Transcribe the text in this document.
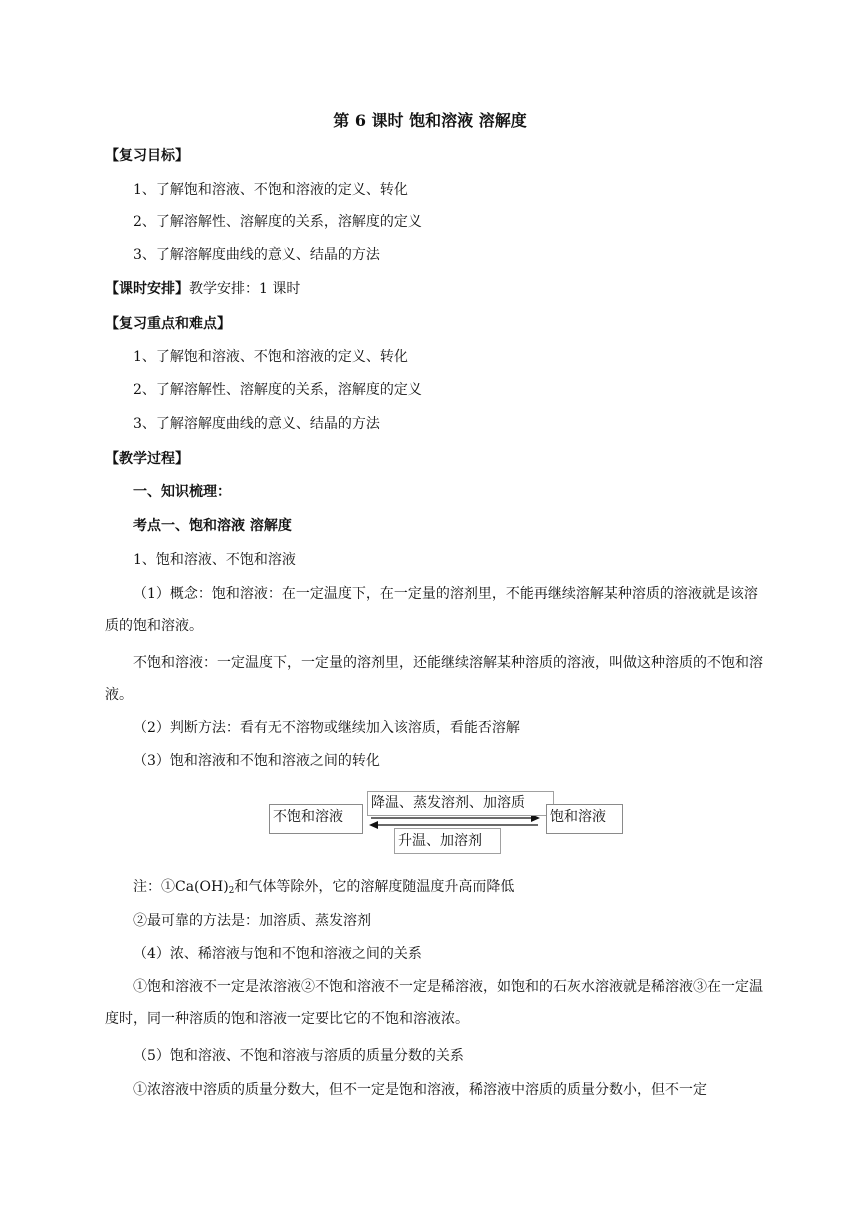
第 6 课时 饱和溶液 溶解度
【复习目标】
1、了解饱和溶液、不饱和溶液的定义、转化
2、了解溶解性、溶解度的关系，溶解度的定义
3、了解溶解度曲线的意义、结晶的方法
【课时安排】教学安排：1 课时
【复习重点和难点】
1、了解饱和溶液、不饱和溶液的定义、转化
2、了解溶解性、溶解度的关系，溶解度的定义
3、了解溶解度曲线的意义、结晶的方法
【教学过程】
一、知识梳理：
考点一、饱和溶液 溶解度
1、饱和溶液、不饱和溶液
（1）概念：饱和溶液：在一定温度下，在一定量的溶剂里，不能再继续溶解某种溶质的溶液就是该溶质的饱和溶液。
不饱和溶液：一定温度下，一定量的溶剂里，还能继续溶解某种溶质的溶液，叫做这种溶质的不饱和溶液。
（2）判断方法：看有无不溶物或继续加入该溶质，看能否溶解
（3）饱和溶液和不饱和溶液之间的转化
不饱和溶液
降温、蒸发溶剂、加溶质
饱和溶液
升温、加溶剂
注：$①Ca(OH)_2$和气体等除外，它的溶解度随温度升高而降低
②最可靠的方法是：加溶质、蒸发溶剂
（4）浓、稀溶液与饱和不饱和溶液之间的关系
①饱和溶液不一定是浓溶液②不饱和溶液不一定是稀溶液，如饱和的石灰水溶液就是稀溶液③在一定温度时，同一种溶质的饱和溶液一定要比它的不饱和溶液浓。
（5）饱和溶液、不饱和溶液与溶质的质量分数的关系
①浓溶液中溶质的质量分数大，但不一定是饱和溶液，稀溶液中溶质的质量分数小，但不一定
